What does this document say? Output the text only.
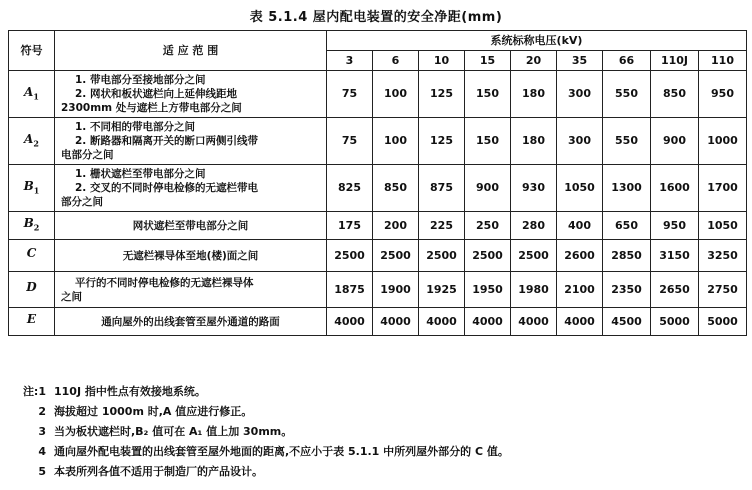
表 5.1.4 屋内配电装置的安全净距(mm)
符号	适 应 范 围	系统标称电压(kV)								
		3	6	10	15	20	35	66	110J	110
$A_1$	1. 带电部分至接地部分之间
2. 网状和板状遮栏向上延伸线距地
2300mm 处与遮栏上方带电部分之间	75	100	125	150	180	300	550	850	950
$A_2$	1. 不同相的带电部分之间
2. 断路器和隔离开关的断口两侧引线带
电部分之间	75	100	125	150	180	300	550	900	1000
$B_1$	1. 栅状遮栏至带电部分之间
2. 交叉的不同时停电检修的无遮栏带电
部分之间	825	850	875	900	930	1050	1300	1600	1700
$B_2$	网状遮栏至带电部分之间	175	200	225	250	280	400	650	950	1050
C	无遮栏裸导体至地(楼)面之间	2500	2500	2500	2500	2500	2600	2850	3150	3250
D	平行的不同时停电检修的无遮栏裸导体
之间	1875	1900	1925	1950	1980	2100	2350	2650	2750
E	通向屋外的出线套管至屋外通道的路面	4000	4000	4000	4000	4000	4000	4500	5000	5000
注:1 110J 指中性点有效接地系统。
2 海拔超过 1000m 时,A 值应进行修正。
3 当为板状遮栏时,B₂ 值可在 A₁ 值上加 30mm。
4 通向屋外配电装置的出线套管至屋外地面的距离,不应小于表 5.1.1 中所列屋外部分的 C 值。
5 本表所列各值不适用于制造厂的产品设计。
